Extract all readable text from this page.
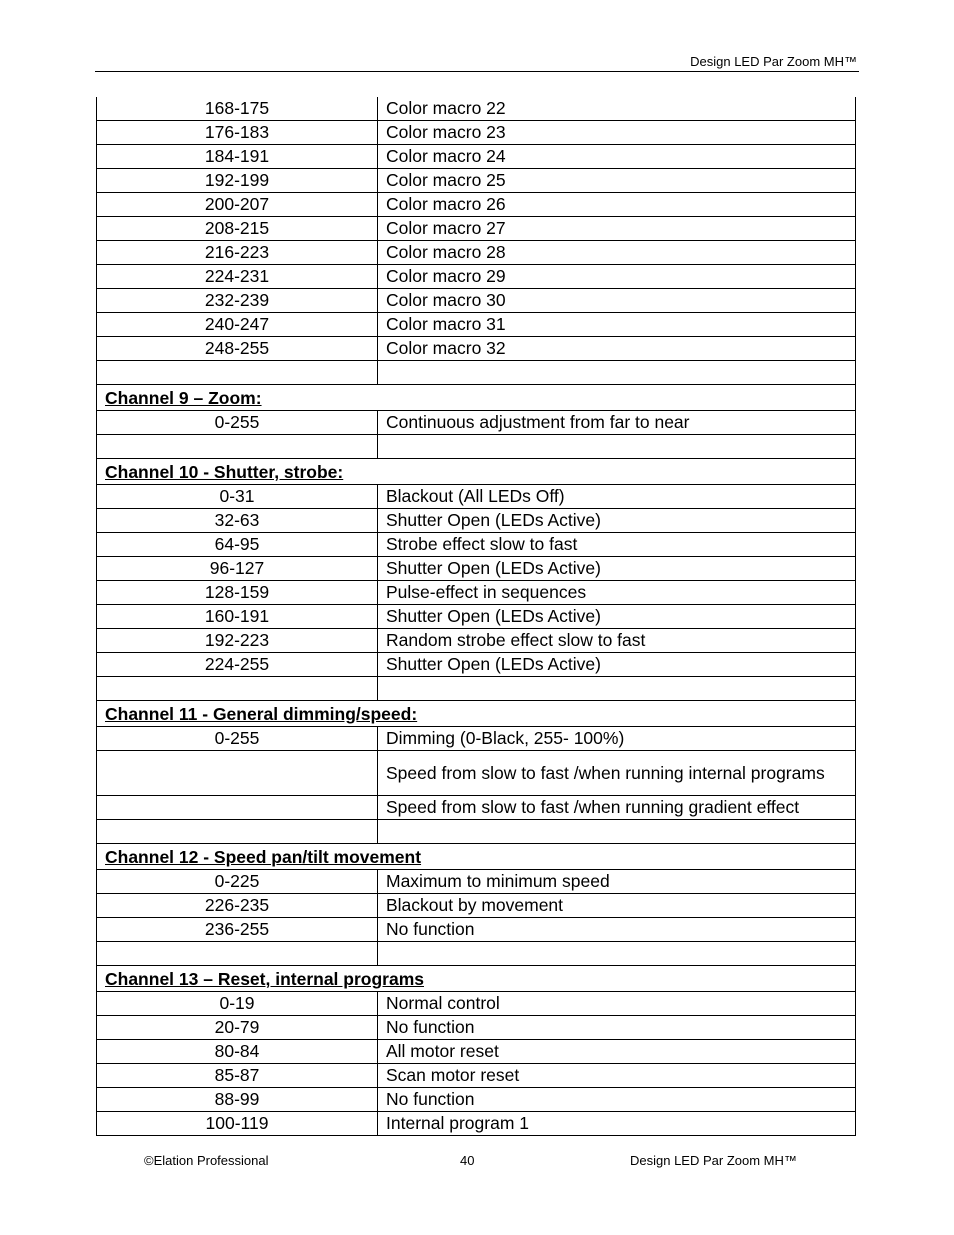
Design LED Par Zoom MH™
168-175	Color macro 22
176-183	Color macro 23
184-191	Color macro 24
192-199	Color macro 25
200-207	Color macro 26
208-215	Color macro 27
216-223	Color macro 28
224-231	Color macro 29
232-239	Color macro 30
240-247	Color macro 31
248-255	Color macro 32

Channel 9 – Zoom:	
0-255	Continuous adjustment from far to near

Channel 10 - Shutter, strobe:	
0-31	Blackout (All LEDs Off)
32-63	Shutter Open (LEDs Active)
64-95	Strobe effect slow to fast
96-127	Shutter Open (LEDs Active)
128-159	Pulse-effect in sequences
160-191	Shutter Open (LEDs Active)
192-223	Random strobe effect slow to fast
224-255	Shutter Open (LEDs Active)

Channel 11 - General dimming/speed:	
0-255	Dimming (0-Black, 255- 100%)
	Speed from slow to fast /when running internal programs
	Speed from slow to fast /when running gradient effect

Channel 12 - Speed pan/tilt movement	
0-225	Maximum to minimum speed
226-235	Blackout by movement
236-255	No function

Channel 13 – Reset, internal programs	
0-19	Normal control
20-79	No function
80-84	All motor reset
85-87	Scan motor reset
88-99	No function
100-119	Internal program 1
©Elation Professional	40	Design LED Par Zoom MH™
